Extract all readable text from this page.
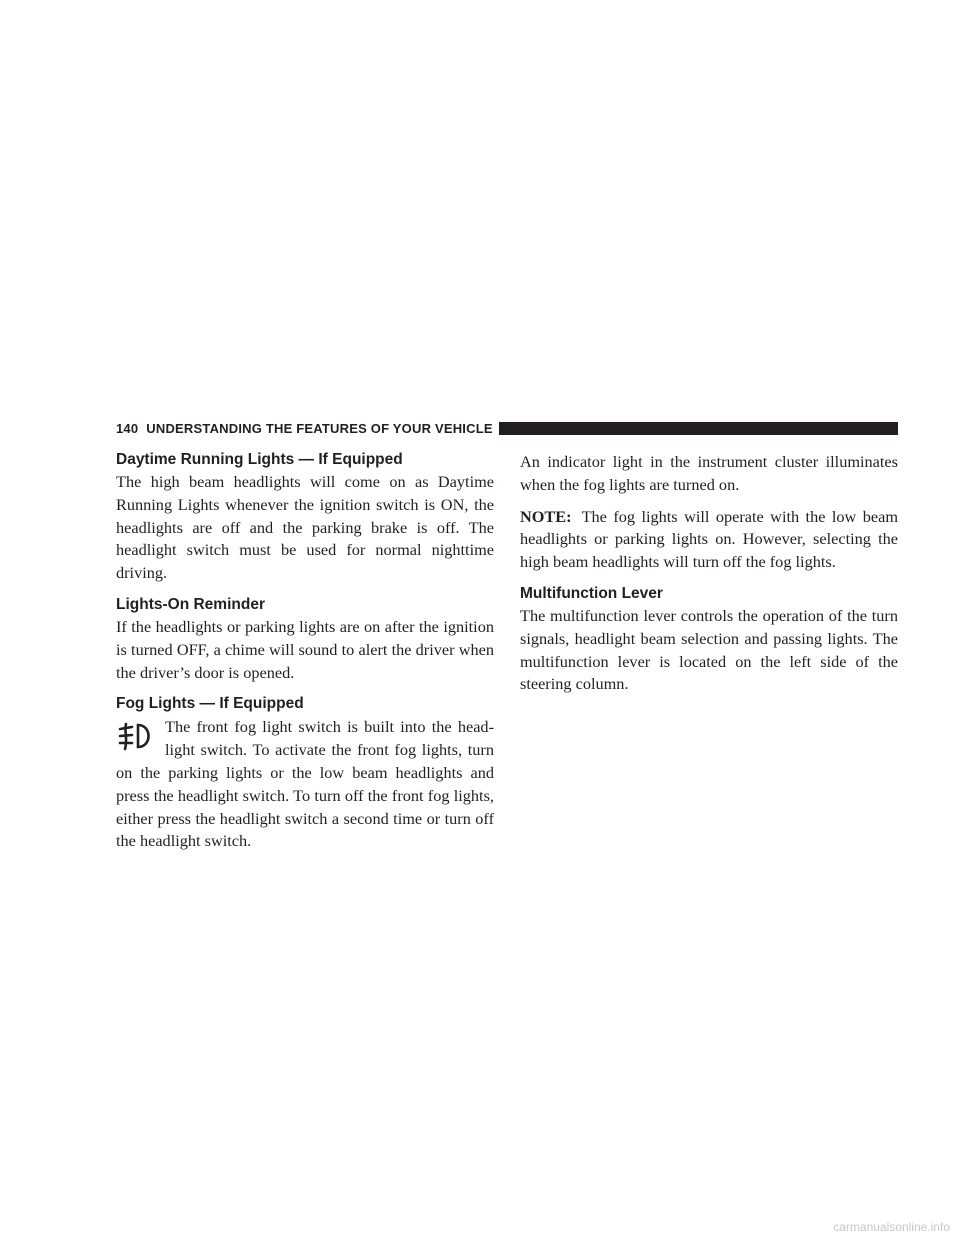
140 UNDERSTANDING THE FEATURES OF YOUR VEHICLE
Daytime Running Lights — If Equipped

The high beam headlights will come on as Daytime Running Lights whenever the ignition switch is ON, the headlights are off and the parking brake is off. The headlight switch must be used for normal nighttime driving.

Lights-On Reminder

If the headlights or parking lights are on after the ignition is turned OFF, a chime will sound to alert the driver when the driver’s door is opened.

Fog Lights — If Equipped

The front fog light switch is built into the head-light switch. To activate the front fog lights, turn on the parking lights or the low beam headlights and press the headlight switch. To turn off the front fog lights, either press the headlight switch a second time or turn off the headlight switch.

An indicator light in the instrument cluster illuminates when the fog lights are turned on.

NOTE: The fog lights will operate with the low beam headlights or parking lights on. However, selecting the high beam headlights will turn off the fog lights.

Multifunction Lever

The multifunction lever controls the operation of the turn signals, headlight beam selection and passing lights. The multifunction lever is located on the left side of the steering column.

carmanualsonline.info
